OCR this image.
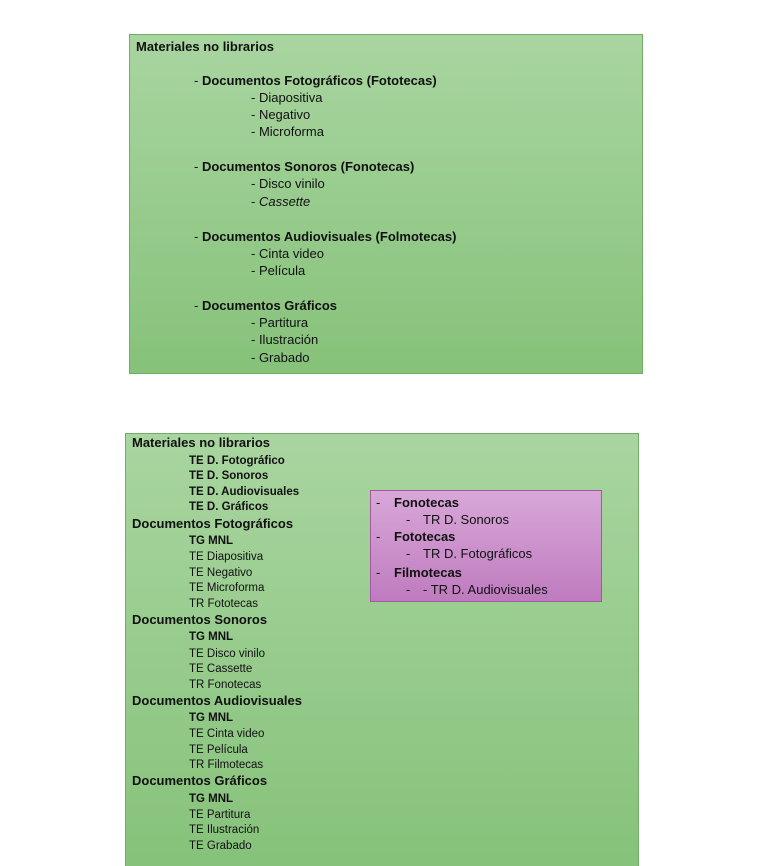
Materiales no librarios
- Documentos Fotográficos (Fototecas)
- Diapositiva
- Negativo
- Microforma
- Documentos Sonoros (Fonotecas)
- Disco vinilo
- Cassette
- Documentos Audiovisuales (Folmotecas)
- Cinta video
- Película
- Documentos Gráficos
- Partitura
- Ilustración
- Grabado
Materiales no librarios
TE D. Fotográfico
TE D. Sonoros
TE D. Audiovisuales
TE D. Gráficos
Documentos Fotográficos
TG MNL
TE Diapositiva
TE Negativo
TE Microforma
TR Fototecas
Documentos Sonoros
TG MNL
TE Disco vinilo
TE Cassette
TR Fonotecas
Documentos Audiovisuales
TG MNL
TE Cinta video
TE Película
TR Filmotecas
Documentos Gráficos
TG MNL
TE Partitura
TE Ilustración
TE Grabado
- Fonotecas
- TR D. Sonoros
- Fototecas
- TR D. Fotográficos
- Filmotecas
- - TR D. Audiovisuales
